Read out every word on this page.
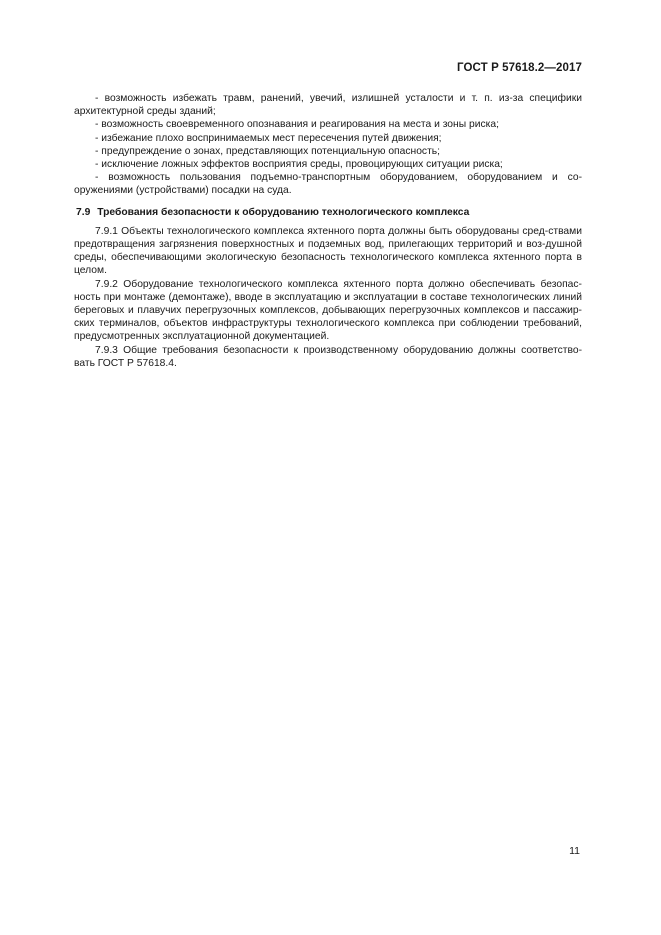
ГОСТ Р 57618.2—2017

- возможность избежать травм, ранений, увечий, излишней усталости и т. п. из-за специфики архитектурной среды зданий;

- возможность своевременного опознавания и реагирования на места и зоны риска;

- избежание плохо воспринимаемых мест пересечения путей движения;

- предупреждение о зонах, представляющих потенциальную опасность;

- исключение ложных эффектов восприятия среды, провоцирующих ситуации риска;

- возможность пользования подъемно-транспортным оборудованием, оборудованием и со-оружениями (устройствами) посадки на суда.

7.9 Требования безопасности к оборудованию технологического комплекса

7.9.1 Объекты технологического комплекса яхтенного порта должны быть оборудованы сред-ствами предотвращения загрязнения поверхностных и подземных вод, прилегающих территорий и воз-душной среды, обеспечивающими экологическую безопасность технологического комплекса яхтенного порта в целом.

7.9.2 Оборудование технологического комплекса яхтенного порта должно обеспечивать безопас-ность при монтаже (демонтаже), вводе в эксплуатацию и эксплуатации в составе технологических линий береговых и плавучих перегрузочных комплексов, добывающих перегрузочных комплексов и пассажир-ских терминалов, объектов инфраструктуры технологического комплекса при соблюдении требований, предусмотренных эксплуатационной документацией.

7.9.3 Общие требования безопасности к производственному оборудованию должны соответство-вать ГОСТ Р 57618.4.

11
